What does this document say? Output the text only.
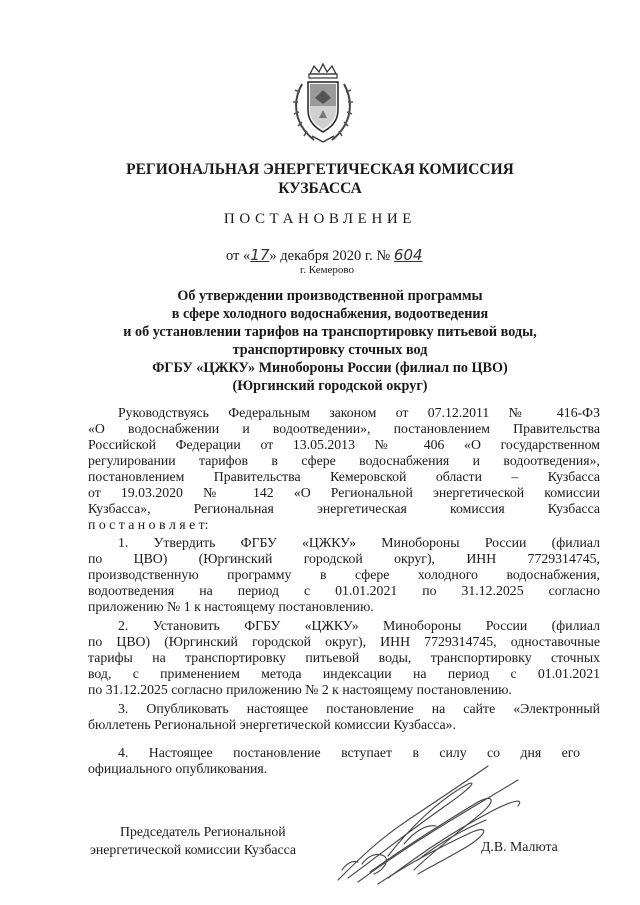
РЕГИОНАЛЬНАЯ ЭНЕРГЕТИЧЕСКАЯ КОМИССИЯ
КУЗБАССА
ПОСТАНОВЛЕНИЕ
от «17» декабря 2020 г. № 604
г. Кемерово
Об утверждении производственной программы
в сфере холодного водоснабжения, водоотведения
и об установлении тарифов на транспортировку питьевой воды,
транспортировку сточных вод
ФГБУ «ЦЖКУ» Минобороны России (филиал по ЦВО)
(Юргинский городской округ)
Руководствуясь Федеральным законом от 07.12.2011 № 416-ФЗ
«О водоснабжении и водоотведении», постановлением Правительства
Российской Федерации от 13.05.2013 № 406 «О государственном
регулировании тарифов в сфере водоснабжения и водоотведения»,
постановлением Правительства Кемеровской области – Кузбасса
от 19.03.2020 № 142 «О Региональной энергетической комиссии
Кузбасса», Региональная энергетическая комиссия Кузбасса
п о с т а н о в л я е т:
1. Утвердить ФГБУ «ЦЖКУ» Минобороны России (филиал
по ЦВО) (Юргинский городской округ), ИНН 7729314745,
производственную программу в сфере холодного водоснабжения,
водоотведения на период с 01.01.2021 по 31.12.2025 согласно
приложению № 1 к настоящему постановлению.
2. Установить ФГБУ «ЦЖКУ» Минобороны России (филиал
по ЦВО) (Юргинский городской округ), ИНН 7729314745, одноставочные
тарифы на транспортировку питьевой воды, транспортировку сточных
вод, с применением метода индексации на период с 01.01.2021
по 31.12.2025 согласно приложению № 2 к настоящему постановлению.
3. Опубликовать настоящее постановление на сайте «Электронный
бюллетень Региональной энергетической комиссии Кузбасса».
4. Настоящее постановление вступает в силу со дня его
официального опубликования.
Председатель Региональной
энергетической комиссии Кузбасса	Д.В. Малюта
